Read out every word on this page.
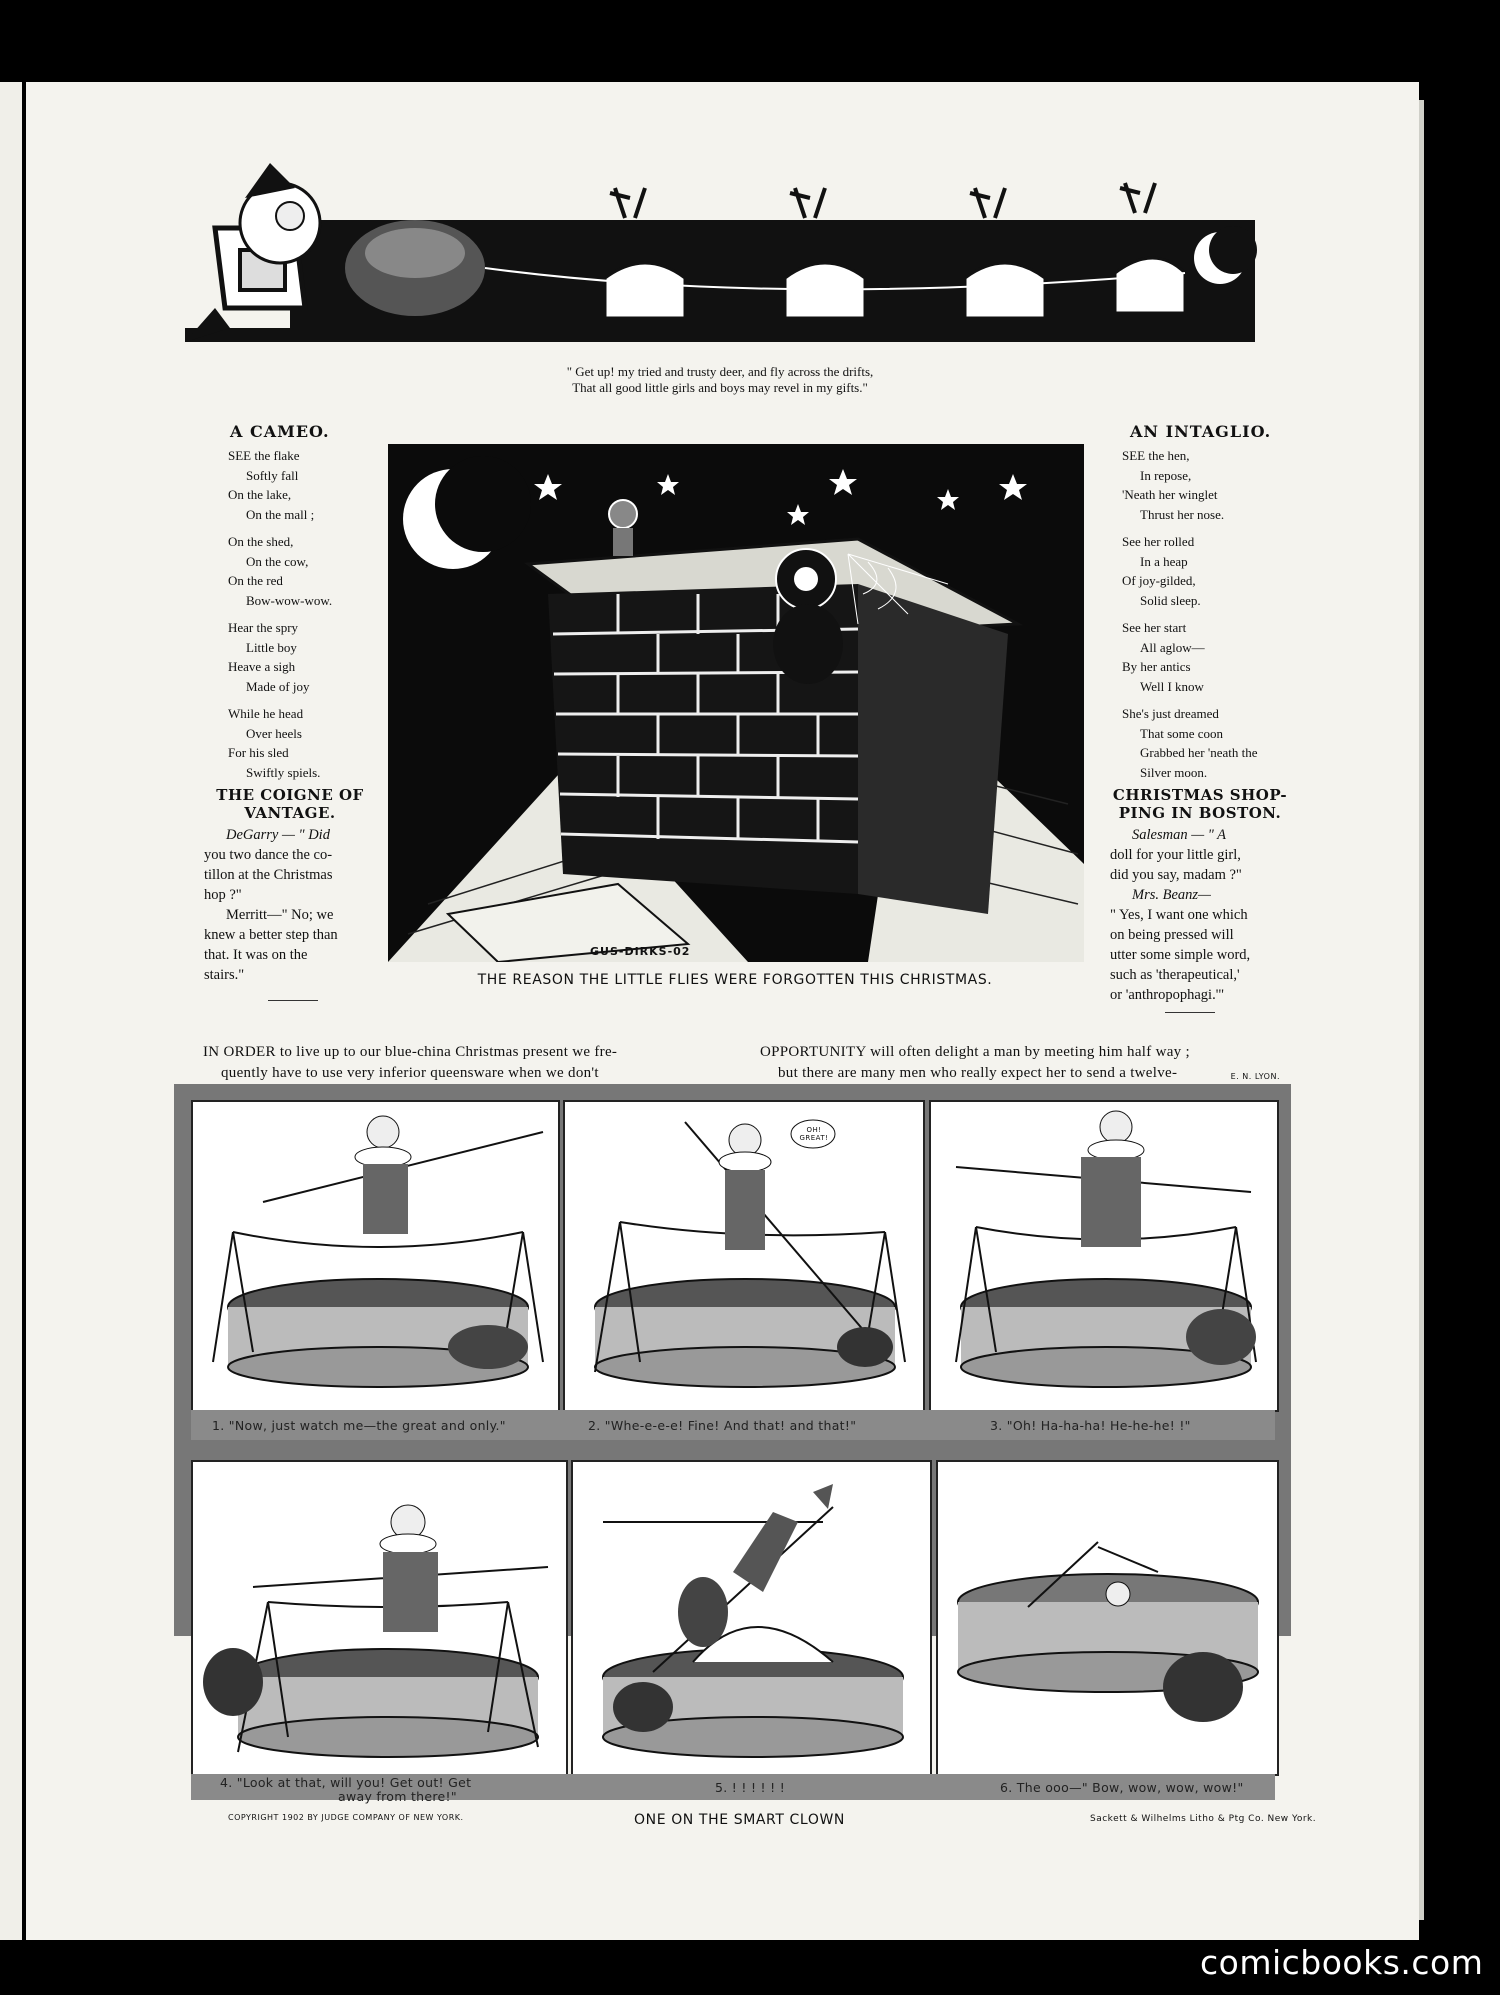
" Get up! my tried and trusty deer, and fly across the drifts,
That all good little girls and boys may revel in my gifts."
A CAMEO.
SEE the flake
Softly fall
On the lake,
On the mall ;
On the shed,
On the cow,
On the red
Bow-wow-wow.
Hear the spry
Little boy
Heave a sigh
Made of joy
While he head
Over heels
For his sled
Swiftly spiels.
THE COIGNE OF
VANTAGE.
DeGarry — " Did
you two dance the co-
tillon at the Christmas
hop ?"
Merritt—" No; we
knew a better step than
that. It was on the
stairs."
GUS-DIRKS-02
THE REASON THE LITTLE FLIES WERE FORGOTTEN THIS CHRISTMAS.
AN INTAGLIO.
SEE the hen,
In repose,
'Neath her winglet
Thrust her nose.
See her rolled
In a heap
Of joy-gilded,
Solid sleep.
See her start
All aglow—
By her antics
Well I know
She's just dreamed
That some coon
Grabbed her 'neath the
Silver moon.
CHRISTMAS SHOP-
PING IN BOSTON.
Salesman — " A
doll for your little girl,
did you say, madam ?"
Mrs. Beanz—
" Yes, I want one which
on being pressed will
utter some simple word,
such as 'therapeutical,'
or 'anthropophagi.'"
IN ORDER to live up to our blue-china Christmas present we fre-
quently have to use very inferior queensware when we don't
OPPORTUNITY will often delight a man by meeting him half way ;
but there are many men who really expect her to send a twelve-	E. N. LYON.
OH! GREAT!
1. "Now, just watch me—the great and only."	2. "Whe-e-e-e! Fine! And that! and that!"	3. "Oh! Ha-ha-ha! He-he-he! !"
4. "Look at that, will you! Get out! Get
away from there!"
5. ! ! ! ! ! !	6. The ooo—" Bow, wow, wow, wow!"
COPYRIGHT 1902 BY JUDGE COMPANY OF NEW YORK.	ONE ON THE SMART CLOWN	Sackett & Wilhelms Litho & Ptg Co. New York.
comicbooks.com
